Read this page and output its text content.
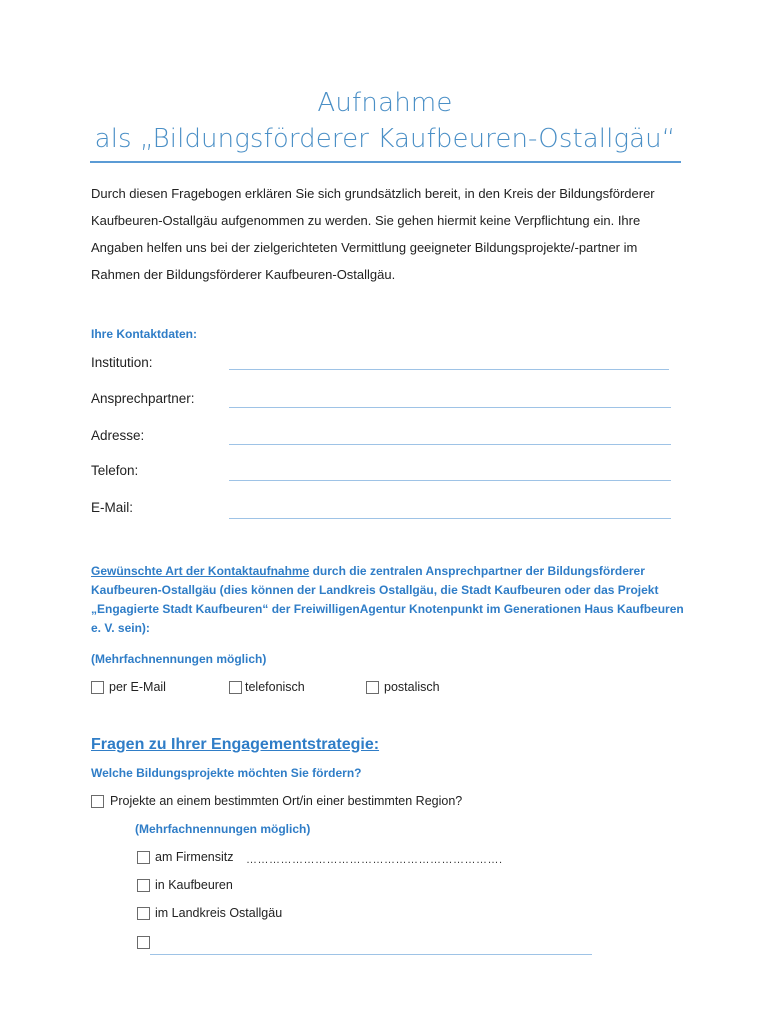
Aufnahme
als „Bildungsförderer Kaufbeuren-Ostallgäu“

Durch diesen Fragebogen erklären Sie sich grundsätzlich bereit, in den Kreis der Bildungsförderer Kaufbeuren-Ostallgäu aufgenommen zu werden. Sie gehen hiermit keine Verpflichtung ein. Ihre Angaben helfen uns bei der zielgerichteten Vermittlung geeigneter Bildungsprojekte/-partner im Rahmen der Bildungsförderer Kaufbeuren-Ostallgäu.

Ihre Kontaktdaten:
Institution:
Ansprechpartner:
Adresse:
Telefon:
E-Mail:

Gewünschte Art der Kontaktaufnahme durch die zentralen Ansprechpartner der Bildungsförderer Kaufbeuren-Ostallgäu (dies können der Landkreis Ostallgäu, die Stadt Kaufbeuren oder das Projekt „Engagierte Stadt Kaufbeuren“ der FreiwilligenAgentur Knotenpunkt im Generationen Haus Kaufbeuren e. V. sein):

(Mehrfachnennungen möglich)
per E-Mail	telefonisch	postalisch
Fragen zu Ihrer Engagementstrategie:
Welche Bildungsprojekte möchten Sie fördern?
Projekte an einem bestimmten Ort/in einer bestimmten Region?
(Mehrfachnennungen möglich)
am Firmensitz ………………………………………………………….
in Kaufbeuren
im Landkreis Ostallgäu
